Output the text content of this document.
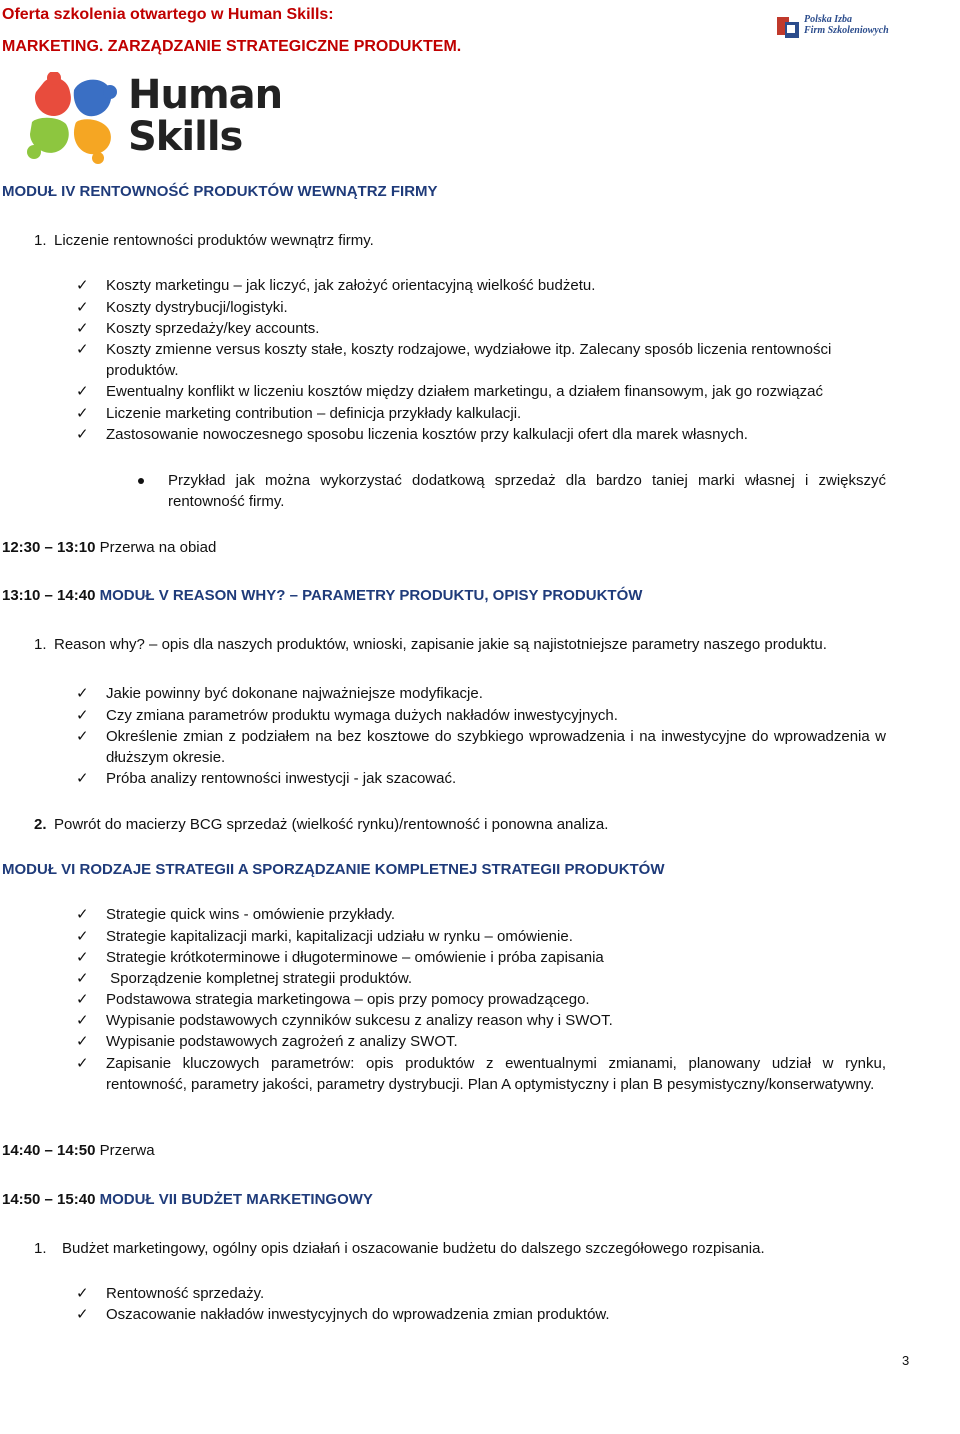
Oferta szkolenia otwartego w Human Skills:
MARKETING. ZARZĄDZANIE STRATEGICZNE PRODUKTEM.
Polska Izba
Firm Szkoleniowych
Human
Skills
MODUŁ IV RENTOWNOŚĆ PRODUKTÓW WEWNĄTRZ FIRMY
1. Liczenie rentowności produktów wewnątrz firmy.
✓ Koszty marketingu – jak liczyć, jak założyć orientacyjną wielkość budżetu.
✓ Koszty dystrybucji/logistyki.
✓ Koszty sprzedaży/key accounts.
✓ Koszty zmienne versus koszty stałe, koszty rodzajowe, wydziałowe itp. Zalecany sposób liczenia rentowności produktów.
✓ Ewentualny konflikt w liczeniu kosztów między działem marketingu, a działem finansowym, jak go rozwiązać
✓ Liczenie marketing contribution – definicja przykłady kalkulacji.
✓ Zastosowanie nowoczesnego sposobu liczenia kosztów przy kalkulacji ofert dla marek własnych.
Przykład jak można wykorzystać dodatkową sprzedaż dla bardzo taniej marki własnej i zwiększyć rentowność firmy.
12:30 – 13:10 Przerwa na obiad
13:10 – 14:40 MODUŁ V REASON WHY? – PARAMETRY PRODUKTU, OPISY PRODUKTÓW
1. Reason why? – opis dla naszych produktów, wnioski, zapisanie jakie są najistotniejsze parametry naszego produktu.
✓ Jakie powinny być dokonane najważniejsze modyfikacje.
✓ Czy zmiana parametrów produktu wymaga dużych nakładów inwestycyjnych.
✓ Określenie zmian z podziałem na bez kosztowe do szybkiego wprowadzenia i na inwestycyjne do wprowadzenia w dłuższym okresie.
✓ Próba analizy rentowności inwestycji - jak szacować.
2. Powrót do macierzy BCG sprzedaż (wielkość rynku)/rentowność i ponowna analiza.
MODUŁ VI RODZAJE STRATEGII A SPORZĄDZANIE KOMPLETNEJ STRATEGII PRODUKTÓW
✓ Strategie quick wins - omówienie przykłady.
✓ Strategie kapitalizacji marki, kapitalizacji udziału w rynku – omówienie.
✓ Strategie krótkoterminowe i długoterminowe – omówienie i próba zapisania
✓ Sporządzenie kompletnej strategii produktów.
✓ Podstawowa strategia marketingowa – opis przy pomocy prowadzącego.
✓ Wypisanie podstawowych czynników sukcesu z analizy reason why i SWOT.
✓ Wypisanie podstawowych zagrożeń z analizy SWOT.
✓ Zapisanie kluczowych parametrów: opis produktów z ewentualnymi zmianami, planowany udział w rynku, rentowność, parametry jakości, parametry dystrybucji. Plan A optymistyczny i plan B pesymistyczny/konserwatywny.
14:40 – 14:50 Przerwa
14:50 – 15:40 MODUŁ VII BUDŻET MARKETINGOWY
1. Budżet marketingowy, ogólny opis działań i oszacowanie budżetu do dalszego szczegółowego rozpisania.
✓ Rentowność sprzedaży.
✓ Oszacowanie nakładów inwestycyjnych do wprowadzenia zmian produktów.
3
